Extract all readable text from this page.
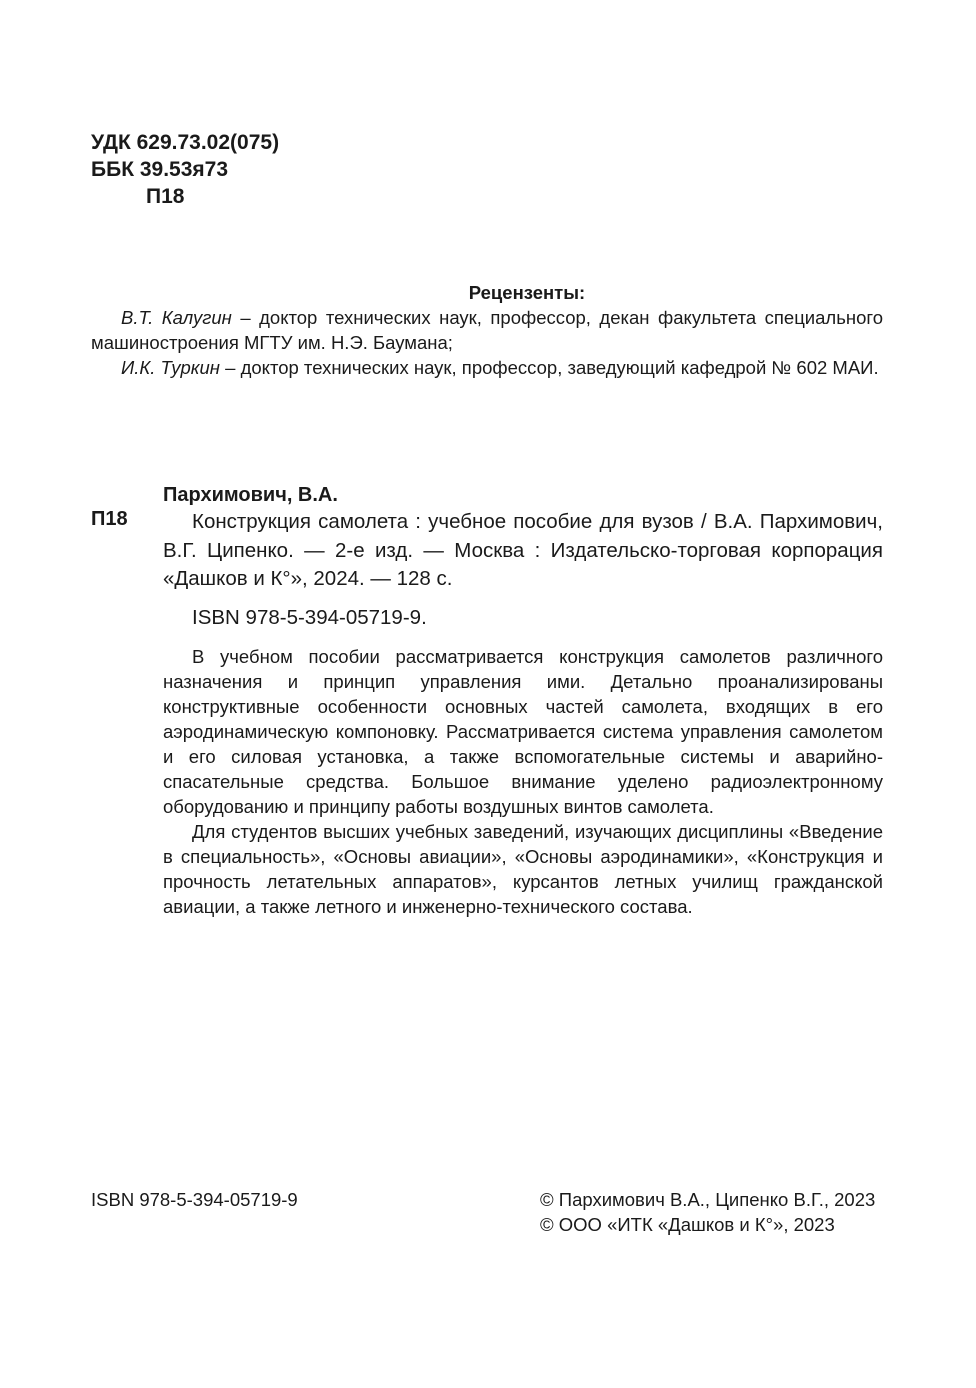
УДК 629.73.02(075)
ББК 39.53я73
П18
Рецензенты:

В.Т. Калугин – доктор технических наук, профессор, декан факультета специального машиностроения МГТУ им. Н.Э. Баумана;

И.К. Туркин – доктор технических наук, профессор, заведующий кафедрой № 602 МАИ.

П18
Пархимович, В.А.

Конструкция самолета : учебное пособие для вузов / В.А. Пархимович, В.Г. Ципенко. — 2-е изд. — Москва : Издательско-торговая корпорация «Дашков и К°», 2024. — 128 с.

ISBN 978-5-394-05719-9.

В учебном пособии рассматривается конструкция самолетов различного назначения и принцип управления ими. Детально проанализированы конструктивные особенности основных частей самолета, входящих в его аэродинамическую компоновку. Рассматривается система управления самолетом и его силовая установка, а также вспомогательные системы и аварийно-спасательные средства. Большое внимание уделено радиоэлектронному оборудованию и принципу работы воздушных винтов самолета.

Для студентов высших учебных заведений, изучающих дисциплины «Введение в специальность», «Основы авиации», «Основы аэродинамики», «Конструкция и прочность летательных аппаратов», курсантов летных училищ гражданской авиации, а также летного и инженерно-технического состава.

ISBN 978-5-394-05719-9	© Пархимович В.А., Ципенко В.Г., 2023
© ООО «ИТК «Дашков и К°», 2023
